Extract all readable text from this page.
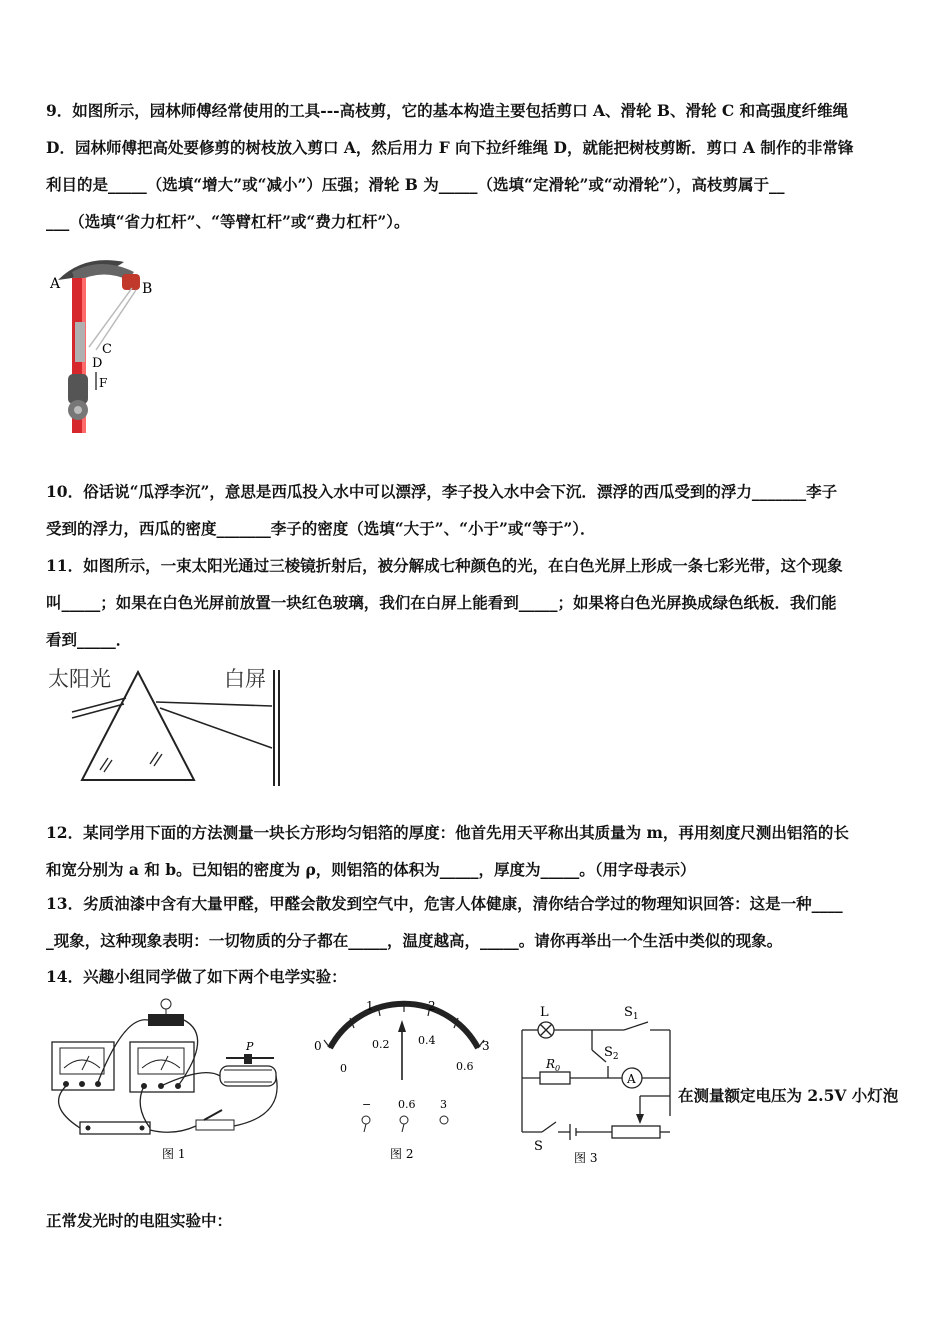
9．如图所示，园林师傅经常使用的工具---高枝剪，它的基本构造主要包括剪口 A、滑轮 B、滑轮 C 和高强度纤维绳
D．园林师傅把高处要修剪的树枝放入剪口 A，然后用力 F 向下拉纤维绳 D，就能把树枝剪断．剪口 A 制作的非常锋
利目的是_____（选填“增大”或“减小”）压强；滑轮 B 为_____（选填“定滑轮”或“动滑轮”），高枝剪属于__
___（选填“省力杠杆”、“等臂杠杆”或“费力杠杆”）。
A	B
C
D
F
10．俗话说“瓜浮李沉”，意思是西瓜投入水中可以漂浮，李子投入水中会下沉．漂浮的西瓜受到的浮力_______李子
受到的浮力，西瓜的密度_______李子的密度（选填“大于”、“小于”或“等于”）．
11．如图所示，一束太阳光通过三棱镜折射后，被分解成七种颜色的光，在白色光屏上形成一条七彩光带，这个现象
叫_____；如果在白色光屏前放置一块红色玻璃，我们在白屏上能看到_____；如果将白色光屏换成绿色纸板．我们能
看到_____．
太阳光	白屏
12．某同学用下面的方法测量一块长方形均匀铝箔的厚度：他首先用天平称出其质量为 m，再用刻度尺测出铝箔的长
和宽分别为 a 和 b。已知铝的密度为 ρ，则铝箔的体积为_____，厚度为_____。（用字母表示）
13．劣质油漆中含有大量甲醛，甲醛会散发到空气中，危害人体健康，清你结合学过的物理知识回答：这是一种____
_现象，这种现象表明：一切物质的分子都在_____，温度越高，_____。请你再举出一个生活中类似的现象。
14．兴趣小组同学做了如下两个电学实验：
P
图 1
0
1	2
3
0
0.2	0.4
0.6
− 0.6 3
图 2
L	$S_1$
$S_2$
$R_0$
A
S
图 3
在测量额定电压为 2.5V 小灯泡
正常发光时的电阻实验中：
